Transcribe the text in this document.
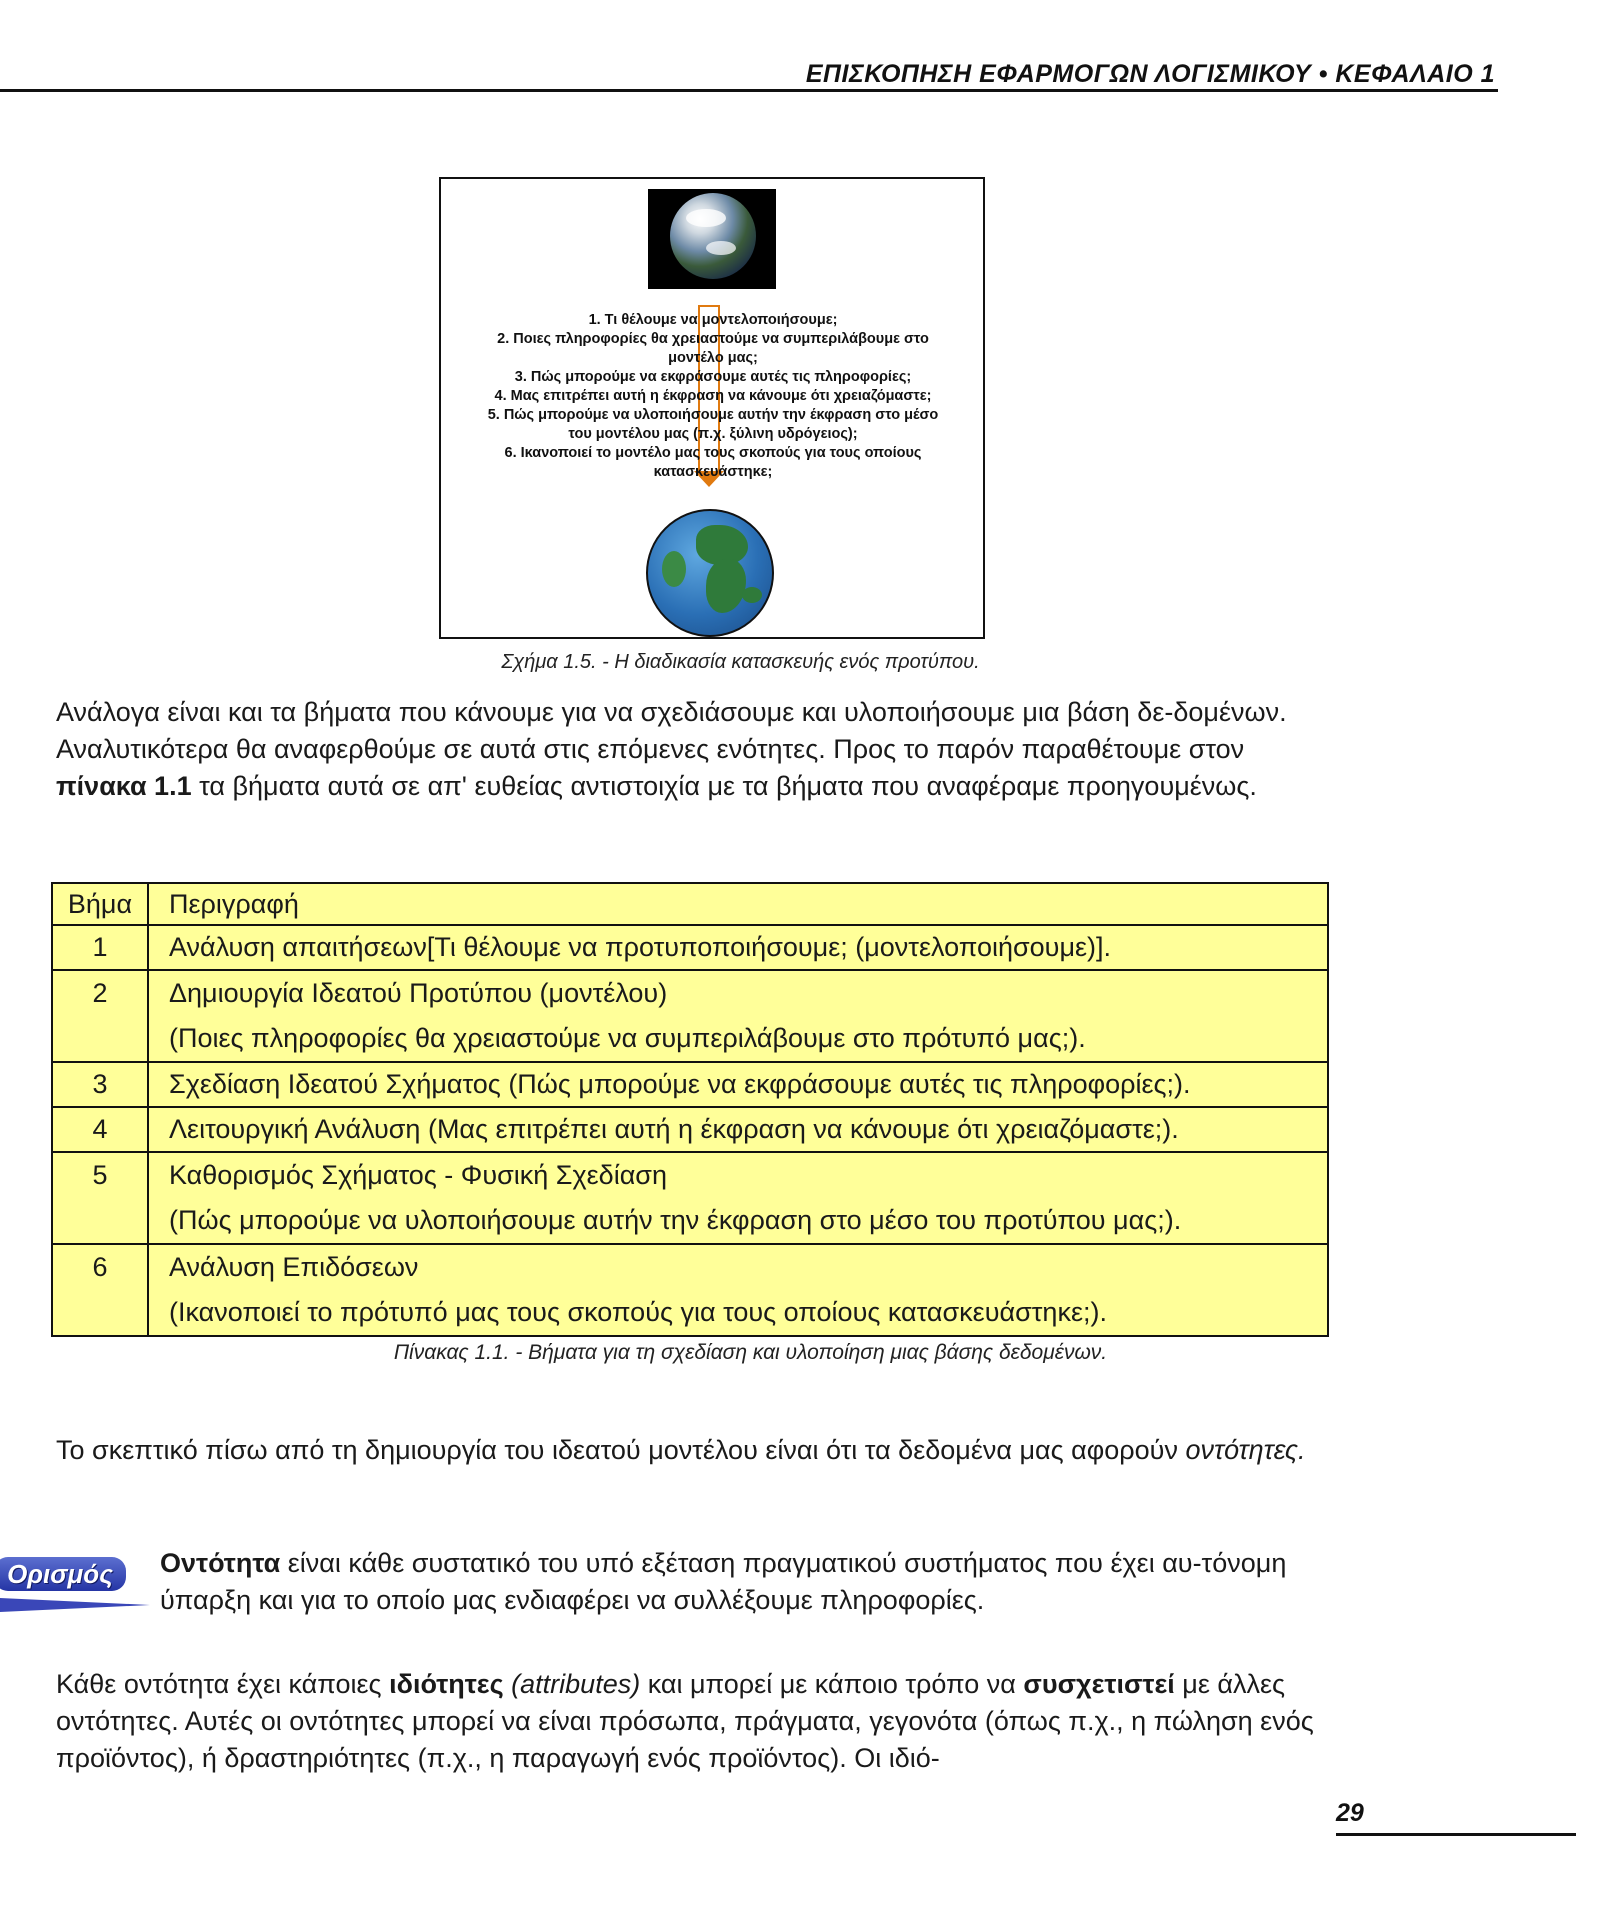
ΕΠΙΣΚΟΠΗΣΗ ΕΦΑΡΜΟΓΩΝ ΛΟΓΙΣΜΙΚΟΥ • ΚΕΦΑΛΑΙΟ 1
1. Τι θέλουμε να μοντελοποιήσουμε;
2. Ποιες πληροφορίες θα χρειαστούμε να συμπεριλάβουμε στο
μοντέλο μας;
3. Πώς μπορούμε να εκφράσουμε αυτές τις πληροφορίες;
4. Μας επιτρέπει αυτή η έκφραση να κάνουμε ότι χρειαζόμαστε;
5. Πώς μπορούμε να υλοποιήσουμε αυτήν την έκφραση στο μέσο
του μοντέλου μας (π.χ. ξύλινη υδρόγειος);
6. Ικανοποιεί το μοντέλο μας τους σκοπούς για τους οποίους
κατασκευάστηκε;
Σχήμα 1.5. - Η διαδικασία κατασκευής ενός προτύπου.

Ανάλογα είναι και τα βήματα που κάνουμε για να σχεδιάσουμε και υλοποιήσουμε μια βάση δε-δομένων. Αναλυτικότερα θα αναφερθούμε σε αυτά στις επόμενες ενότητες. Προς το παρόν παραθέτουμε στον πίνακα 1.1 τα βήματα αυτά σε απ' ευθείας αντιστοιχία με τα βήματα που αναφέραμε προηγουμένως.

Βήμα	Περιγραφή
1	Ανάλυση απαιτήσεων[Τι θέλουμε να προτυποποιήσουμε; (μοντελοποιήσουμε)].
2	Δημιουργία Ιδεατού Προτύπου (μοντέλου)
(Ποιες πληροφορίες θα χρειαστούμε να συμπεριλάβουμε στο πρότυπό μας;).

3	Σχεδίαση Ιδεατού Σχήματος (Πώς μπορούμε να εκφράσουμε αυτές τις πληροφορίες;).
4	Λειτουργική Ανάλυση (Μας επιτρέπει αυτή η έκφραση να κάνουμε ότι χρειαζόμαστε;).
5	Καθορισμός Σχήματος - Φυσική Σχεδίαση
(Πώς μπορούμε να υλοποιήσουμε αυτήν την έκφραση στο μέσο του προτύπου μας;).

6	Ανάλυση Επιδόσεων
(Ικανοποιεί το πρότυπό μας τους σκοπούς για τους οποίους κατασκευάστηκε;).
Πίνακας 1.1. - Βήματα για τη σχεδίαση και υλοποίηση μιας βάσης δεδομένων.

Το σκεπτικό πίσω από τη δημιουργία του ιδεατού μοντέλου είναι ότι τα δεδομένα μας αφορούν οντότητες.

Ορισμός	Οντότητα είναι κάθε συστατικό του υπό εξέταση πραγματικού συστήματος που έχει αυ-τόνομη ύπαρξη και για το οποίο μας ενδιαφέρει να συλλέξουμε πληροφορίες.

Κάθε οντότητα έχει κάποιες ιδιότητες (attributes) και μπορεί με κάποιο τρόπο να συσχετιστεί με άλλες οντότητες. Αυτές οι οντότητες μπορεί να είναι πρόσωπα, πράγματα, γεγονότα (όπως π.χ., η πώληση ενός προϊόντος), ή δραστηριότητες (π.χ., η παραγωγή ενός προϊόντος). Οι ιδιό-

29
